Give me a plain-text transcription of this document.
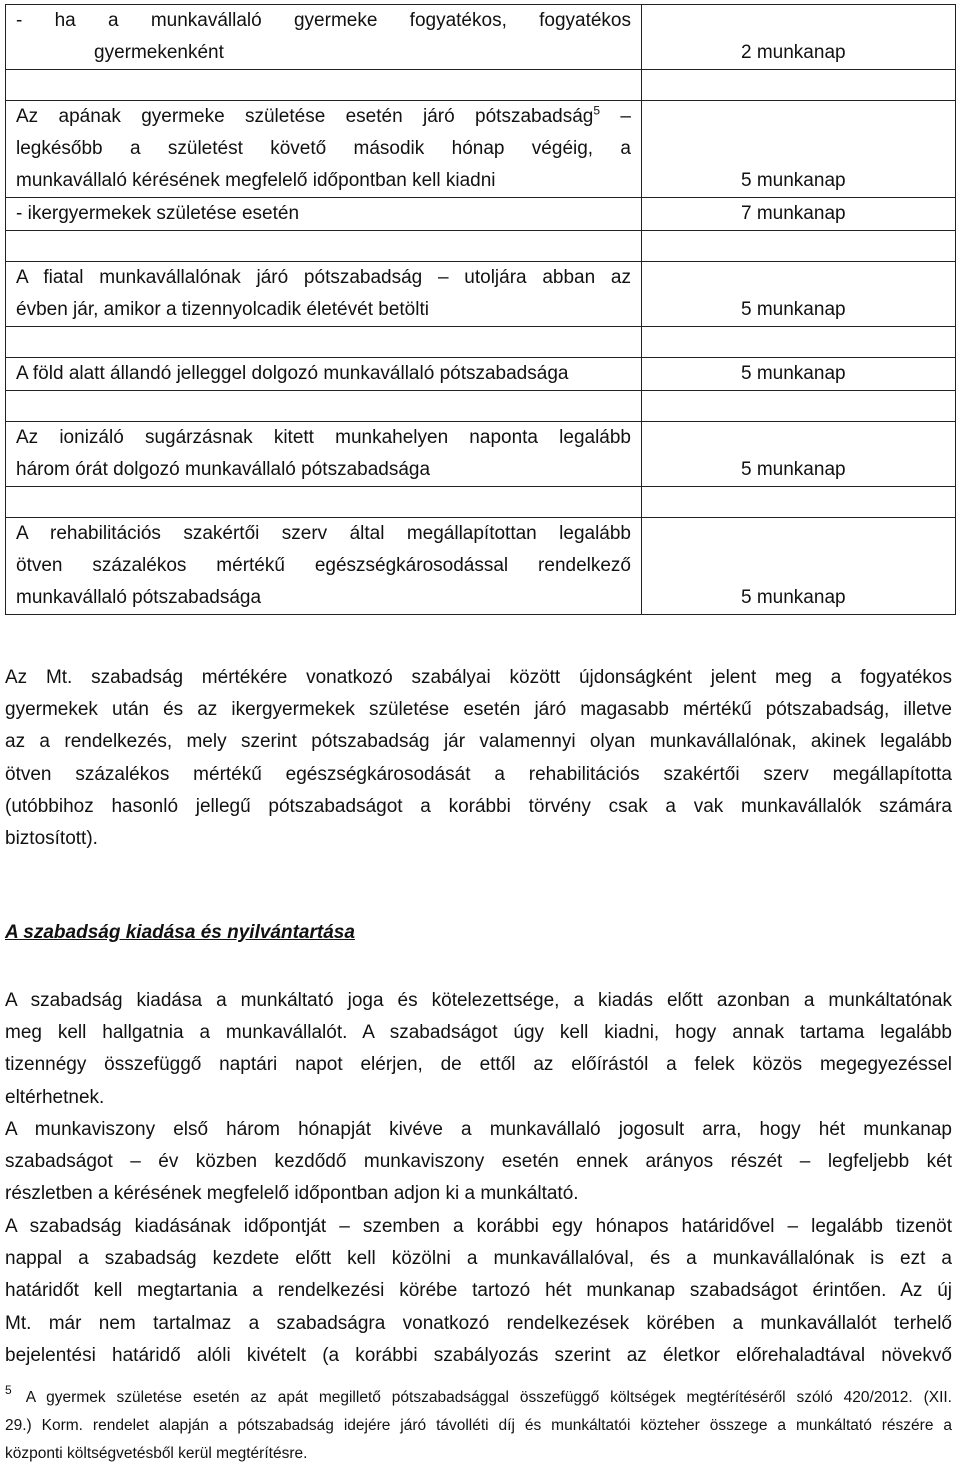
- ha a munkavállaló gyermeke fogyatékos, fogyatékos
gyermekenként	2 munkanap

Az apának gyermeke születése esetén járó pótszabadság$^5$ –
legkésőbb a születést követő második hónap végéig, a
munkavállaló kérésének megfelelő időpontban kell kiadni	5 munkanap

- ikergyermekek születése esetén	7 munkanap

A fiatal munkavállalónak járó pótszabadság – utoljára abban az
évben jár, amikor a tizennyolcadik életévét betölti	5 munkanap

A föld alatt állandó jelleggel dolgozó munkavállaló pótszabadsága	5 munkanap

Az ionizáló sugárzásnak kitett munkahelyen naponta legalább
három órát dolgozó munkavállaló pótszabadsága	5 munkanap

A rehabilitációs szakértői szerv által megállapítottan legalább
ötven százalékos mértékű egészségkárosodással rendelkező
munkavállaló pótszabadsága	5 munkanap
Az Mt. szabadság mértékére vonatkozó szabályai között újdonságként jelent meg a fogyatékos
gyermekek után és az ikergyermekek születése esetén járó magasabb mértékű pótszabadság, illetve
az a rendelkezés, mely szerint pótszabadság jár valamennyi olyan munkavállalónak, akinek legalább
ötven százalékos mértékű egészségkárosodását a rehabilitációs szakértői szerv megállapította
(utóbbihoz hasonló jellegű pótszabadságot a korábbi törvény csak a vak munkavállalók számára
biztosított).

A szabadság kiadása és nyilvántartása

A szabadság kiadása a munkáltató joga és kötelezettsége, a kiadás előtt azonban a munkáltatónak
meg kell hallgatnia a munkavállalót. A szabadságot úgy kell kiadni, hogy annak tartama legalább
tizennégy összefüggő naptári napot elérjen, de ettől az előírástól a felek közös megegyezéssel
eltérhetnek.
A munkaviszony első három hónapját kivéve a munkavállaló jogosult arra, hogy hét munkanap
szabadságot – év közben kezdődő munkaviszony esetén ennek arányos részét – legfeljebb két
részletben a kérésének megfelelő időpontban adjon ki a munkáltató.
A szabadság kiadásának időpontját – szemben a korábbi egy hónapos határidővel – legalább tizenöt
nappal a szabadság kezdete előtt kell közölni a munkavállalóval, és a munkavállalónak is ezt a
határidőt kell megtartania a rendelkezési körébe tartozó hét munkanap szabadságot érintően. Az új
Mt. már nem tartalmaz a szabadságra vonatkozó rendelkezések körében a munkavállalót terhelő
bejelentési határidő alóli kivételt (a korábbi szabályozás szerint az életkor előrehaladtával növekvő
$^5$ A gyermek születése esetén az apát megillető pótszabadsággal összefüggő költségek megtérítéséről szóló 420/2012. (XII.
29.) Korm. rendelet alapján a pótszabadság idejére járó távolléti díj és munkáltatói közteher összege a munkáltató részére a
központi költségvetésből kerül megtérítésre.
